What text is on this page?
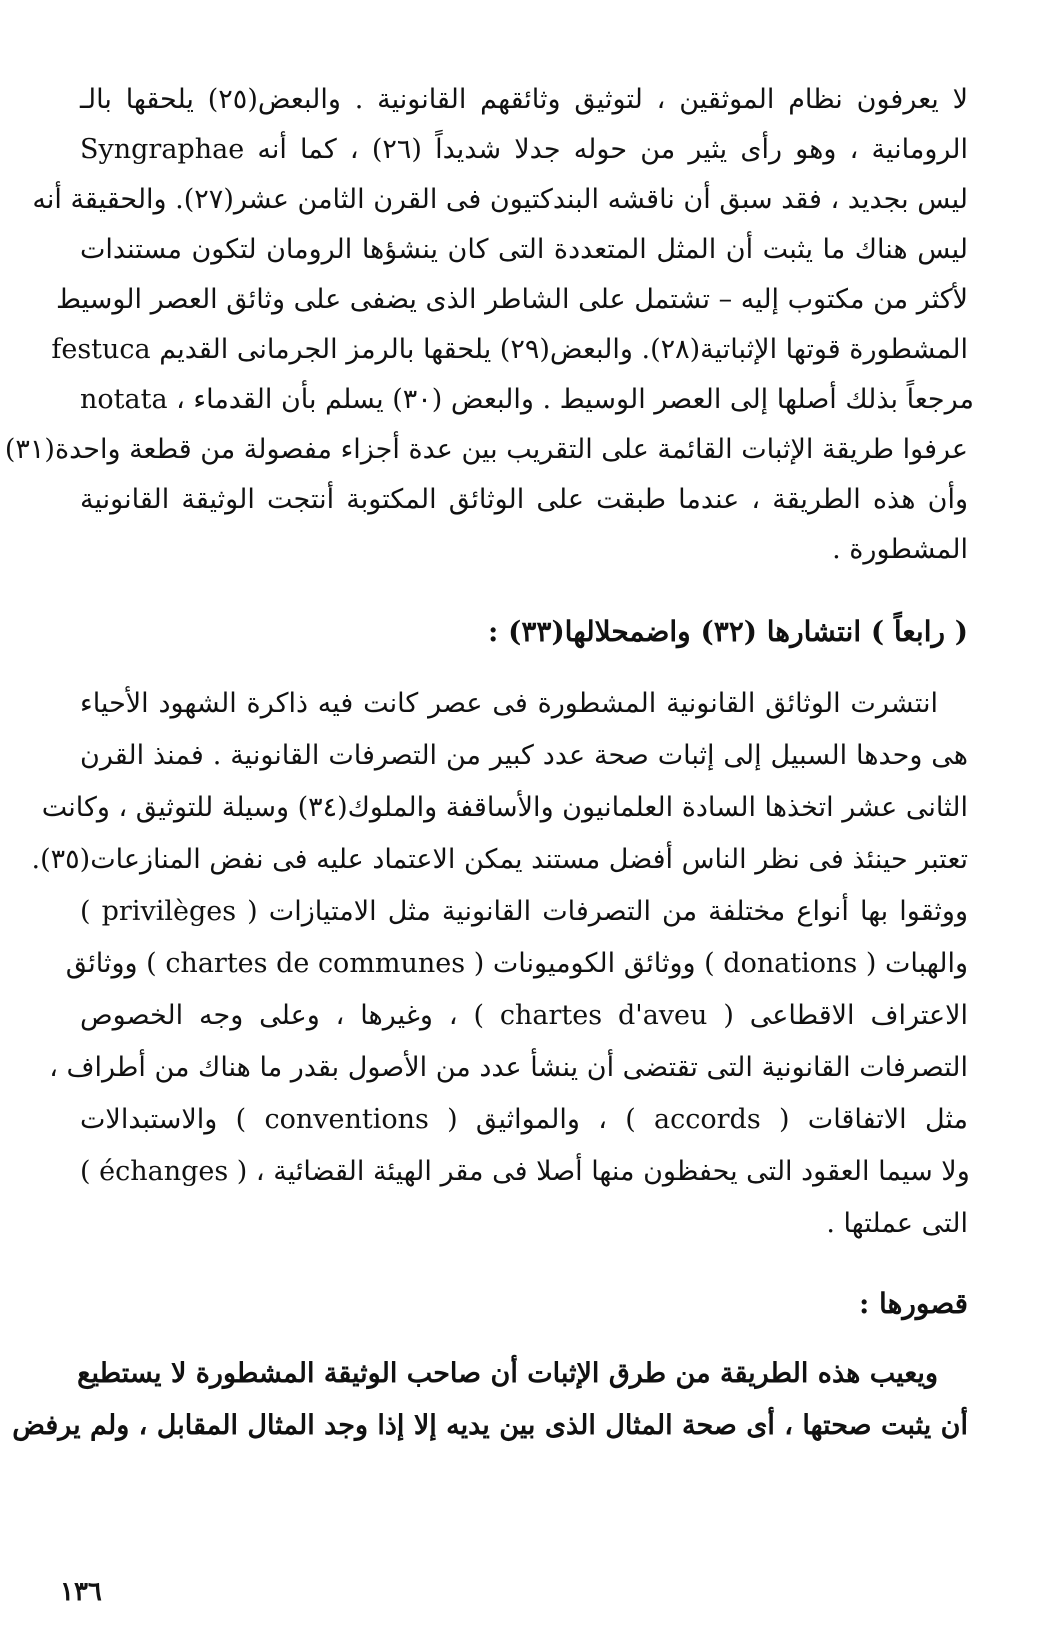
لا يعرفون نظام الموثقين ، لتوثيق وثائقهم القانونية . والبعض(٢٥) يلحقها بالـ
Syngraphae الرومانية ، وهو رأى يثير من حوله جدلا شديداً (٢٦) ، كما أنه
ليس بجديد ، فقد سبق أن ناقشه البندكتيون فى القرن الثامن عشر(٢٧). والحقيقة أنه
ليس هناك ما يثبت أن المثل المتعددة التى كان ينشؤها الرومان لتكون مستندات
لأكثر من مكتوب إليه – تشتمل على الشاطر الذى يضفى على وثائق العصر الوسيط
المشطورة قوتها الإثباتية(٢٨). والبعض(٢٩) يلحقها بالرمز الجرمانى القديم festuca
notata ، مرجعاً بذلك أصلها إلى العصر الوسيط . والبعض (٣٠) يسلم بأن القدماء
عرفوا طريقة الإثبات القائمة على التقريب بين عدة أجزاء مفصولة من قطعة واحدة(٣١)
وأن هذه الطريقة ، عندما طبقت على الوثائق المكتوبة أنتجت الوثيقة القانونية
المشطورة .
( رابعاً ) انتشارها (٣٢) واضمحلالها(٣٣) :
انتشرت الوثائق القانونية المشطورة فى عصر كانت فيه ذاكرة الشهود الأحياء
هى وحدها السبيل إلى إثبات صحة عدد كبير من التصرفات القانونية . فمنذ القرن
الثانى عشر اتخذها السادة العلمانيون والأساقفة والملوك(٣٤) وسيلة للتوثيق ، وكانت
تعتبر حينئذ فى نظر الناس أفضل مستند يمكن الاعتماد عليه فى نفض المنازعات(٣٥).
ووثقوا بها أنواع مختلفة من التصرفات القانونية مثل الامتيازات ( privilèges )
والهبات ( donations ) ووثائق الكوميونات ( chartes de communes ) ووثائق
الاعتراف الاقطاعى ( chartes d'aveu ) ، وغيرها ، وعلى وجه الخصوص
التصرفات القانونية التى تقتضى أن ينشأ عدد من الأصول بقدر ما هناك من أطراف ،
مثل الاتفاقات ( accords ) ، والمواثيق ( conventions ) والاستبدالات
( échanges ) ، ولا سيما العقود التى يحفظون منها أصلا فى مقر الهيئة القضائية
التى عملتها .
قصورها :
ويعيب هذه الطريقة من طرق الإثبات أن صاحب الوثيقة المشطورة لا يستطيع
أن يثبت صحتها ، أى صحة المثال الذى بين يديه إلا إذا وجد المثال المقابل ، ولم يرفض
١٣٦
